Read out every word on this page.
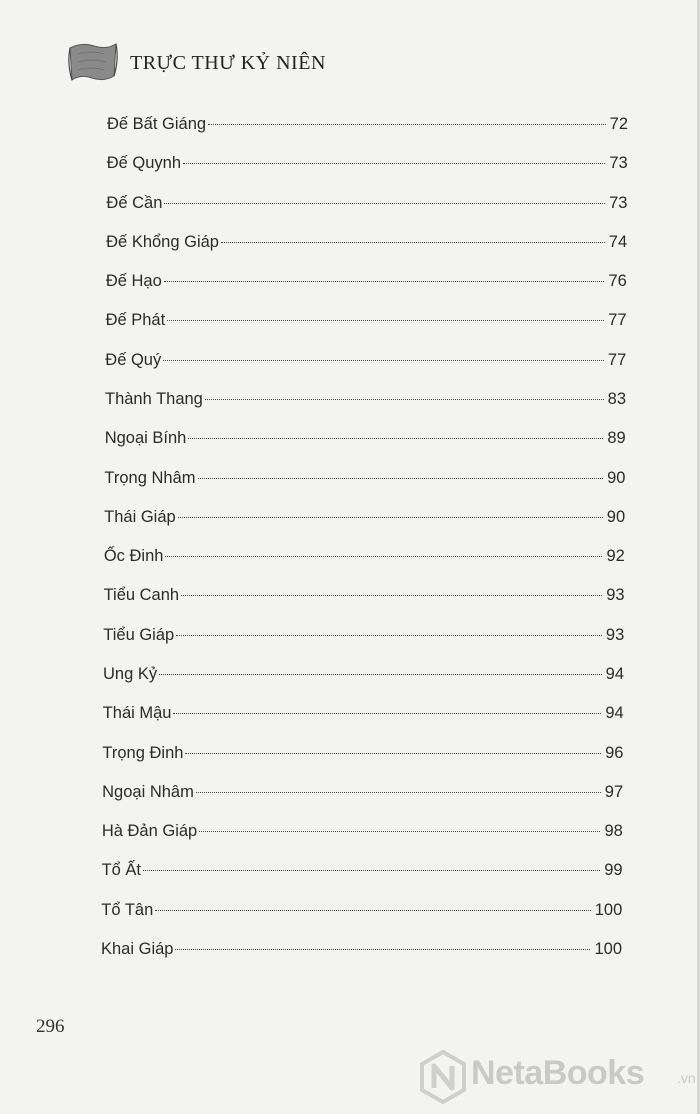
TRỰC THƯ KỶ NIÊN
Đế Bất Giáng	72
Đế Quynh	73
Đế Cần	73
Đế Khổng Giáp	74
Đế Hạo	76
Đế Phát	77
Đế Quý	77
Thành Thang	83
Ngoại Bính	89
Trọng Nhâm	90
Thái Giáp	90
Ốc Đinh	92
Tiểu Canh	93
Tiểu Giáp	93
Ung Kỷ	94
Thái Mậu	94
Trọng Đinh	96
Ngoại Nhâm	97
Hà Đản Giáp	98
Tổ Ất	99
Tổ Tân	100
Khai Giáp	100
296
NetaBooks .vn
